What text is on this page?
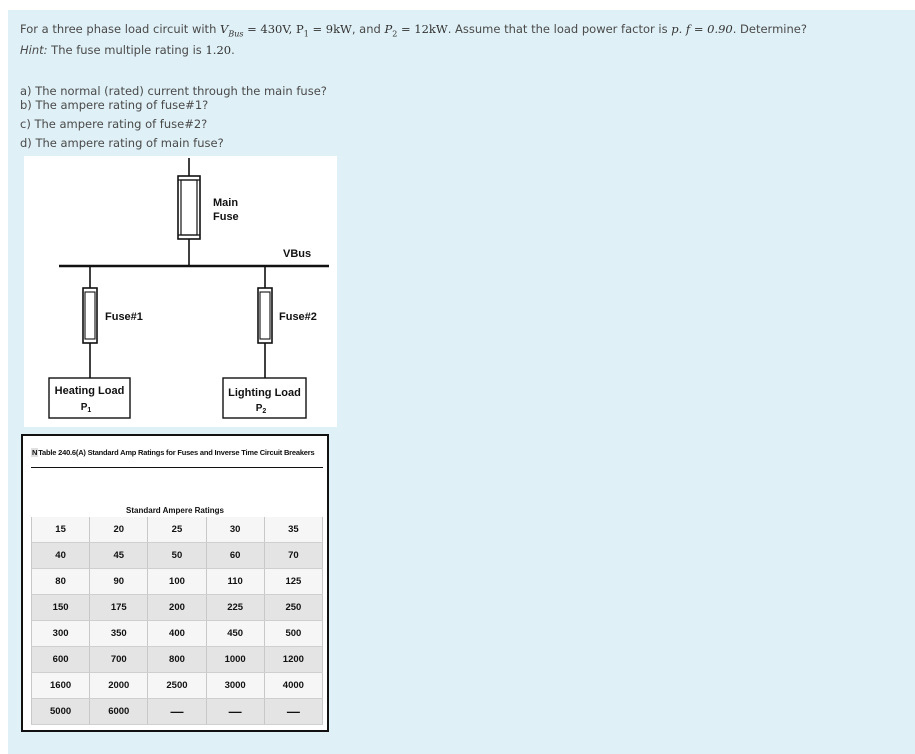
For a three phase load circuit with $V_{Bus} = 430V$, $P_1 = 9kW$, and $P_2 = 12kW$. Assume that the load power factor is p. f = 0.90. Determine?
Hint: The fuse multiple rating is 1.20.
a) The normal (rated) current through the main fuse?
b) The ampere rating of fuse#1?
c) The ampere rating of fuse#2?
d) The ampere rating of main fuse?
Main
Fuse
VBus
Fuse#1	Fuse#2
Heating Load
$P_1$
Lighting Load
$P_2$
NTable 240.6(A) Standard Amp Ratings for Fuses and Inverse Time Circuit Breakers
Standard Ampere Ratings
15	20	25	30	35
40	45	50	60	70
80	90	100	110	125
150	175	200	225	250
300	350	400	450	500
600	700	800	1000	1200
1600	2000	2500	3000	4000
5000	6000	—	—	—
